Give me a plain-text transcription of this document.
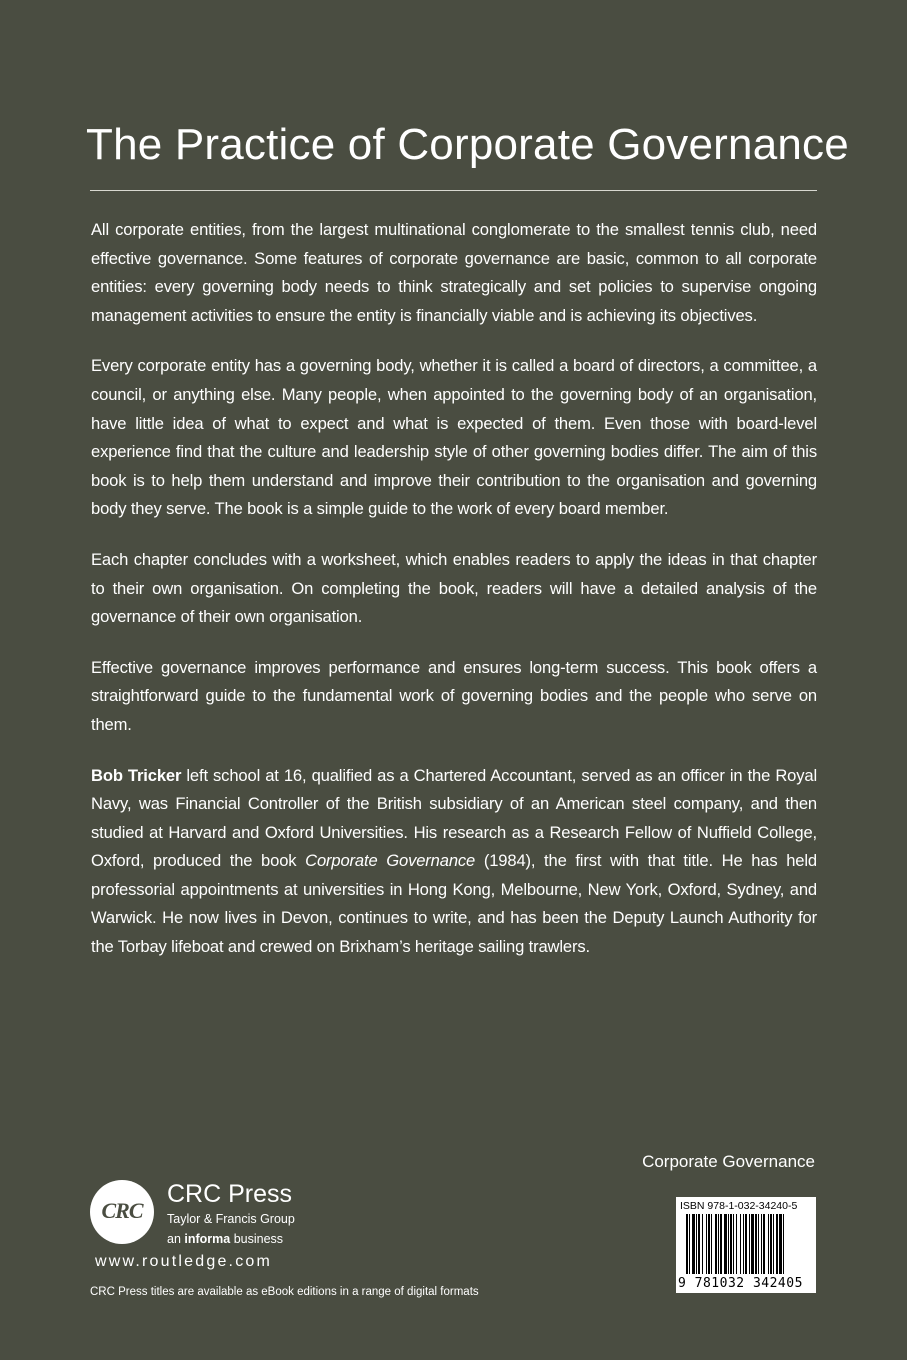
The Practice of Corporate Governance

All corporate entities, from the largest multinational conglomerate to the smallest tennis club, need effective governance. Some features of corporate governance are basic, common to all corporate entities: every governing body needs to think strategically and set policies to supervise ongoing management activities to ensure the entity is financially viable and is achieving its objectives.

Every corporate entity has a governing body, whether it is called a board of directors, a committee, a council, or anything else. Many people, when appointed to the governing body of an organisation, have little idea of what to expect and what is expected of them. Even those with board-level experience find that the culture and leadership style of other governing bodies differ. The aim of this book is to help them understand and improve their contribution to the organisation and governing body they serve. The book is a simple guide to the work of every board member.

Each chapter concludes with a worksheet, which enables readers to apply the ideas in that chapter to their own organisation. On completing the book, readers will have a detailed analysis of the governance of their own organisation.

Effective governance improves performance and ensures long-term success. This book offers a straightforward guide to the fundamental work of governing bodies and the people who serve on them.

Bob Tricker left school at 16, qualified as a Chartered Accountant, served as an officer in the Royal Navy, was Financial Controller of the British subsidiary of an American steel company, and then studied at Harvard and Oxford Universities. His research as a Research Fellow of Nuffield College, Oxford, produced the book Corporate Governance (1984), the first with that title. He has held professorial appointments at universities in Hong Kong, Melbourne, New York, Oxford, Sydney, and Warwick. He now lives in Devon, continues to write, and has been the Deputy Launch Authority for the Torbay lifeboat and crewed on Brixham’s heritage sailing trawlers.

Corporate Governance
CRC
CRC Press
Taylor & Francis Group
an informa business
www.routledge.com
CRC Press titles are available as eBook editions in a range of digital formats
ISBN 978-1-032-34240-5
9 781032 342405
